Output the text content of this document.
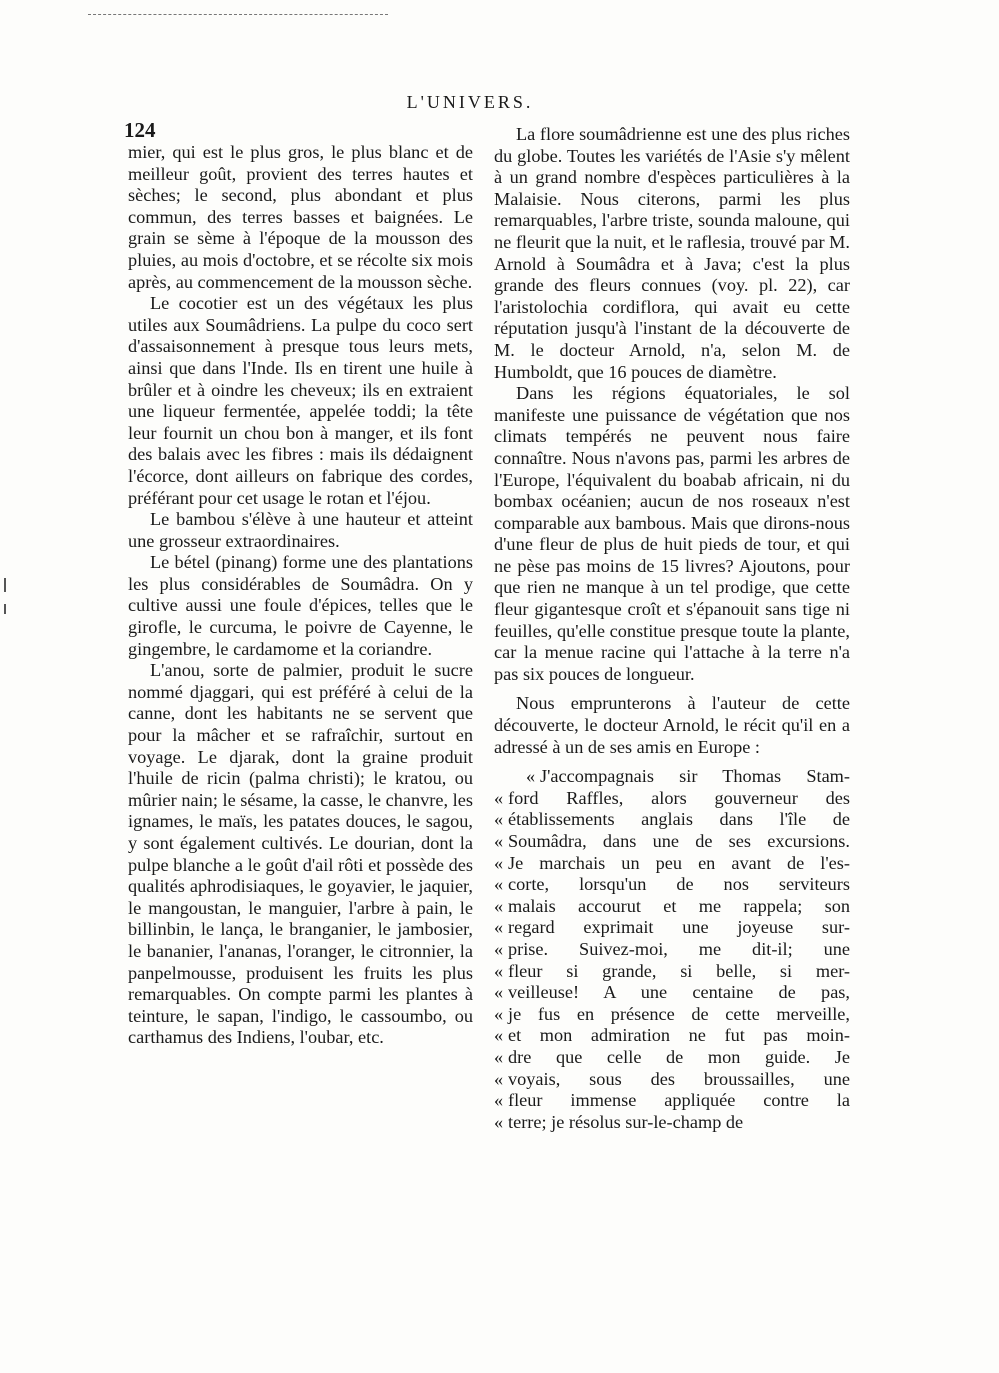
L'UNIVERS.
124

mier, qui est le plus gros, le plus blanc et de meilleur goût, provient des terres hautes et sèches; le second, plus abondant et plus commun, des terres basses et baignées. Le grain se sème à l'époque de la mousson des pluies, au mois d'octobre, et se récolte six mois après, au commencement de la mousson sèche.

Le cocotier est un des végétaux les plus utiles aux Soumâdriens. La pulpe du coco sert d'assaisonnement à presque tous leurs mets, ainsi que dans l'Inde. Ils en tirent une huile à brûler et à oindre les cheveux; ils en extraient une liqueur fermentée, appelée toddi; la tête leur fournit un chou bon à manger, et ils font des balais avec les fibres : mais ils dédaignent l'écorce, dont ailleurs on fabrique des cordes, préférant pour cet usage le rotan et l'éjou.

Le bambou s'élève à une hauteur et atteint une grosseur extraordinaires.

Le bétel (pinang) forme une des plantations les plus considérables de Soumâdra. On y cultive aussi une foule d'épices, telles que le girofle, le curcuma, le poivre de Cayenne, le gingembre, le cardamome et la coriandre.

L'anou, sorte de palmier, produit le sucre nommé djaggari, qui est préféré à celui de la canne, dont les habitants ne se servent que pour la mâcher et se rafraîchir, surtout en voyage. Le djarak, dont la graine produit l'huile de ricin (palma christi); le kratou, ou mûrier nain; le sésame, la casse, le chanvre, les ignames, le maïs, les patates douces, le sagou, y sont également cultivés. Le dourian, dont la pulpe blanche a le goût d'ail rôti et possède des qualités aphrodisiaques, le goyavier, le jaquier, le mangoustan, le manguier, l'arbre à pain, le billinbin, le lança, le branganier, le jambosier, le bananier, l'ananas, l'oranger, le citronnier, la panpelmousse, produisent les fruits les plus remarquables. On compte parmi les plantes à teinture, le sapan, l'indigo, le cassoumbo, ou carthamus des Indiens, l'oubar, etc.

La flore soumâdrienne est une des plus riches du globe. Toutes les variétés de l'Asie s'y mêlent à un grand nombre d'espèces particulières à la Malaisie. Nous citerons, parmi les plus remarquables, l'arbre triste, sounda maloune, qui ne fleurit que la nuit, et le raflesia, trouvé par M. Arnold à Soumâdra et à Java; c'est la plus grande des fleurs connues (voy. pl. 22), car l'aristolochia cordiflora, qui avait eu cette réputation jusqu'à l'instant de la découverte de M. le docteur Arnold, n'a, selon M. de Humboldt, que 16 pouces de diamètre.

Dans les régions équatoriales, le sol manifeste une puissance de végétation que nos climats tempérés ne peuvent nous faire connaître. Nous n'avons pas, parmi les arbres de l'Europe, l'équivalent du boabab africain, ni du bombax océanien; aucun de nos roseaux n'est comparable aux bambous. Mais que dirons-nous d'une fleur de plus de huit pieds de tour, et qui ne pèse pas moins de 15 livres? Ajoutons, pour que rien ne manque à un tel prodige, que cette fleur gigantesque croît et s'épanouit sans tige ni feuilles, qu'elle constitue presque toute la plante, car la menue racine qui l'attache à la terre n'a pas six pouces de longueur.

Nous emprunterons à l'auteur de cette découverte, le docteur Arnold, le récit qu'il en a adressé à un de ses amis en Europe :

« J'accompagnais sir Thomas Stam-
« ford Raffles, alors gouverneur des
« établissements anglais dans l'île de
« Soumâdra, dans une de ses excursions.
« Je marchais un peu en avant de l'es-
« corte, lorsqu'un de nos serviteurs
« malais accourut et me rappela; son
« regard exprimait une joyeuse sur-
« prise. Suivez-moi, me dit-il; une
« fleur si grande, si belle, si mer-
« veilleuse! A une centaine de pas,
« je fus en présence de cette merveille,
« et mon admiration ne fut pas moin-
« dre que celle de mon guide. Je
« voyais, sous des broussailles, une
« fleur immense appliquée contre la
« terre; je résolus sur-le-champ de
